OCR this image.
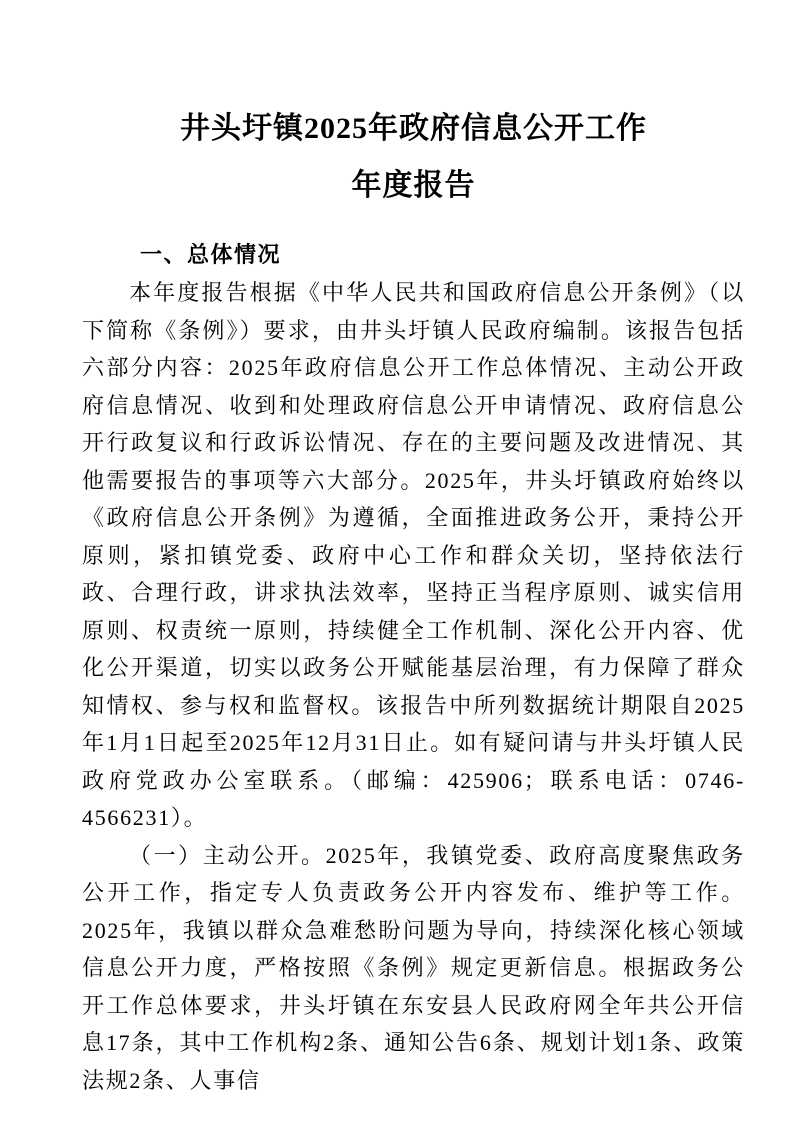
井头圩镇2025年政府信息公开工作
年度报告
一、总体情况

本年度报告根据《中华人民共和国政府信息公开条例》（以下简称《条例》）要求，由井头圩镇人民政府编制。该报告包括六部分内容：2025年政府信息公开工作总体情况、主动公开政府信息情况、收到和处理政府信息公开申请情况、政府信息公开行政复议和行政诉讼情况、存在的主要问题及改进情况、其他需要报告的事项等六大部分。2025年，井头圩镇政府始终以《政府信息公开条例》为遵循，全面推进政务公开，秉持公开原则，紧扣镇党委、政府中心工作和群众关切，坚持依法行政、合理行政，讲求执法效率，坚持正当程序原则、诚实信用原则、权责统一原则，持续健全工作机制、深化公开内容、优化公开渠道，切实以政务公开赋能基层治理，有力保障了群众知情权、参与权和监督权。该报告中所列数据统计期限自2025年1月1日起至2025年12月31日止。如有疑问请与井头圩镇人民政府党政办公室联系。（邮编：425906；联系电话：0746-4566231）。

（一）主动公开。2025年，我镇党委、政府高度聚焦政务公开工作，指定专人负责政务公开内容发布、维护等工作。2025年，我镇以群众急难愁盼问题为导向，持续深化核心领域信息公开力度，严格按照《条例》规定更新信息。根据政务公开工作总体要求，井头圩镇在东安县人民政府网全年共公开信息17条，其中工作机构2条、通知公告6条、规划计划1条、政策法规2条、人事信
